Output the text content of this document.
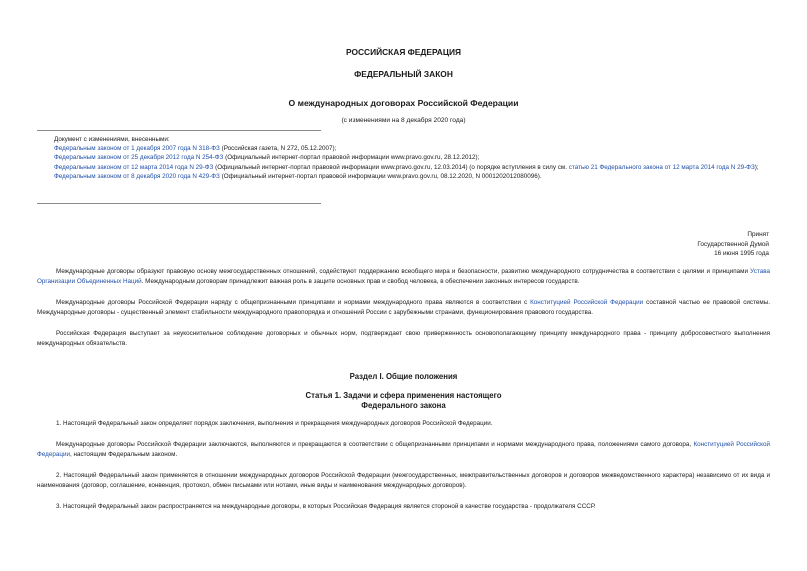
РОССИЙСКАЯ ФЕДЕРАЦИЯ
ФЕДЕРАЛЬНЫЙ ЗАКОН
О международных договорах Российской Федерации
(с изменениями на 8 декабря 2020 года)
Документ с изменениями, внесенными:
Федеральным законом от 1 декабря 2007 года N 318-ФЗ (Российская газета, N 272, 05.12.2007);
Федеральным законом от 25 декабря 2012 года N 254-ФЗ (Официальный интернет-портал правовой информации www.pravo.gov.ru, 28.12.2012);
Федеральным законом от 12 марта 2014 года N 29-ФЗ (Официальный интернет-портал правовой информации www.pravo.gov.ru, 12.03.2014) (о порядке вступления в силу см. статью 21 Федерального закона от 12 марта 2014 года N 29-ФЗ);
Федеральным законом от 8 декабря 2020 года N 429-ФЗ (Официальный интернет-портал правовой информации www.pravo.gov.ru, 08.12.2020, N 0001202012080096).
Принят
Государственной Думой
16 июня 1995 года

Международные договоры образуют правовую основу межгосударственных отношений, содействуют поддержанию всеобщего мира и безопасности, развитию международного сотрудничества в соответствии с целями и принципами Устава Организации Объединенных Наций. Международным договорам принадлежит важная роль в защите основных прав и свобод человека, в обеспечении законных интересов государств.

Международные договоры Российской Федерации наряду с общепризнанными принципами и нормами международного права являются в соответствии с Конституцией Российской Федерации составной частью ее правовой системы. Международные договоры - существенный элемент стабильности международного правопорядка и отношений России с зарубежными странами, функционирования правового государства.

Российская Федерация выступает за неукоснительное соблюдение договорных и обычных норм, подтверждает свою приверженность основополагающему принципу международного права - принципу добросовестного выполнения международных обязательств.

Раздел I. Общие положения
Статья 1. Задачи и сфера применения настоящего
Федерального закона

1. Настоящий Федеральный закон определяет порядок заключения, выполнения и прекращения международных договоров Российской Федерации.

Международные договоры Российской Федерации заключаются, выполняются и прекращаются в соответствии с общепризнанными принципами и нормами международного права, положениями самого договора, Конституцией Российской Федерации, настоящим Федеральным законом.

2. Настоящий Федеральный закон применяется в отношении международных договоров Российской Федерации (межгосударственных, межправительственных договоров и договоров межведомственного характера) независимо от их вида и наименования (договор, соглашение, конвенция, протокол, обмен письмами или нотами, иные виды и наименования международных договоров).

3. Настоящий Федеральный закон распространяется на международные договоры, в которых Российская Федерация является стороной в качестве государства - продолжателя СССР.
